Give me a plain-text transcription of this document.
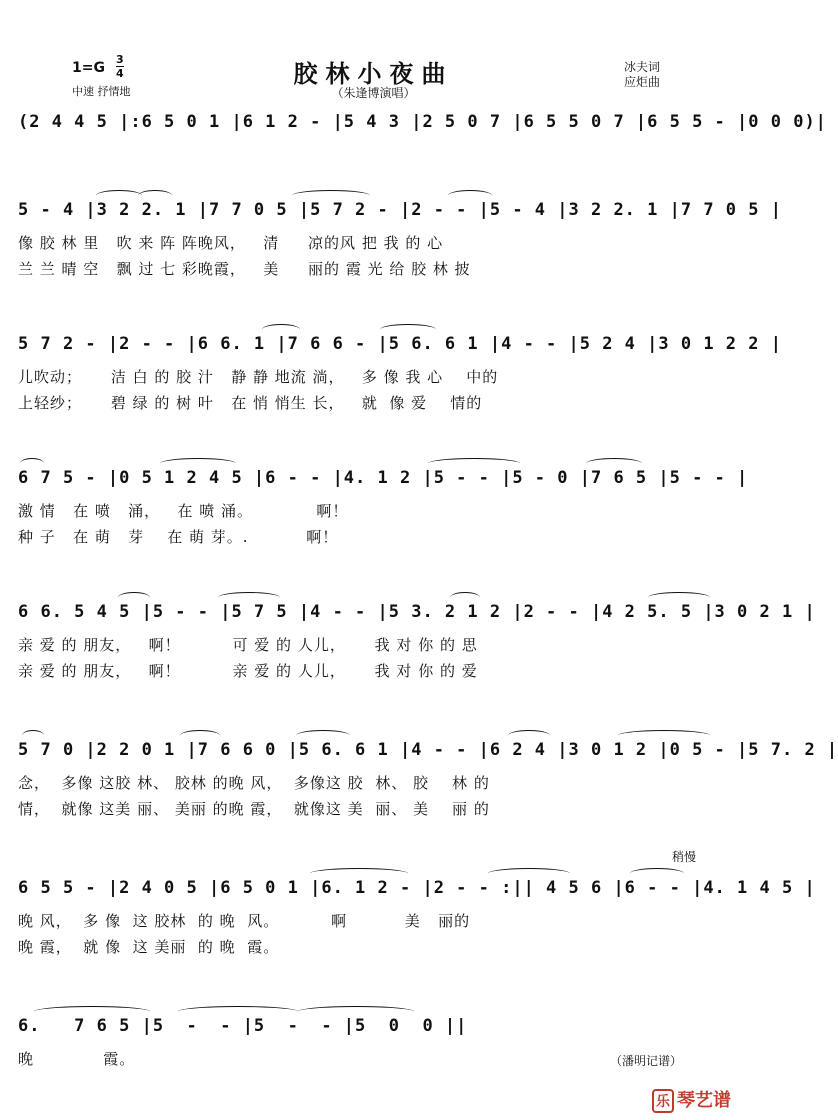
胶林小夜曲
（朱逢博演唱）
1=G
3
4
中速 抒情地
冰夫词
应炬曲
(2 4 4 5 |:6 5 0 1 |6 1 2 - |5 4 3 |2 5 0 7 |6 5 5 0 7 |6 5 5 - |0 0 0)|
5 - 4 |3 2 2. 1 |7 7 0 5 |5 7 2 - |2 - - |5 - 4 |3 2 2. 1 |7 7 0 5 |
像 胶 林 里   吹 来 阵 阵晚风，   清     凉的风 把 我 的 心
兰 兰 晴 空   飘 过 七 彩晚霞，   美     丽的 霞 光 给 胶 林 披
5 7 2 - |2 - - |6 6. 1 |7 6 6 - |5 6. 6 1 |4 - - |5 2 4 |3 0 1 2 2 |
儿吹动；     洁 白 的 胶 汁   静 静 地流 淌，   多 像 我 心    中的
上轻纱；     碧 绿 的 树 叶   在 悄 悄生 长，   就  像 爱    情的
6 7 5 - |0 5 1 2 4 5 |6 - - |4. 1 2 |5 - - |5 - 0 |7 6 5 |5 - - |
激 情   在 喷   涌，   在 喷 涌。           啊！
种 子   在 萌   芽    在 萌 芽。.          啊！
6 6. 5 4 5 |5 - - |5 7 5 |4 - - |5 3. 2 1 2 |2 - - |4 2 5. 5 |3 0 2 1 |
亲 爱 的 朋友，   啊！         可 爱 的 人儿，     我 对 你 的 思
亲 爱 的 朋友，   啊！         亲 爱 的 人儿，     我 对 你 的 爱
5 7 0 |2 2 0 1 |7 6 6 0 |5 6. 6 1 |4 - - |6 2 4 |3 0 1 2 |0 5 - |5 7. 2 |
念，  多像 这胶 林、 胶林 的晚 风，  多像这 胶  林、 胶    林 的
情，  就像 这美 丽、 美丽 的晚 霞，  就像这 美  丽、 美    丽 的
稍慢
6 5 5 - |2 4 0 5 |6 5 0 1 |6. 1 2 - |2 - - :|| 4 5 6 |6 - - |4. 1 4 5 |
晚 风，  多 像  这 胶林  的 晚  风。         啊          美   丽的
晚 霞，  就 像  这 美丽  的 晚  霞。
6.   7 6 5 |5  -  - |5  -  - |5  0  0 ||
晚            霞。	（潘明记谱）
乐 琴艺谱
